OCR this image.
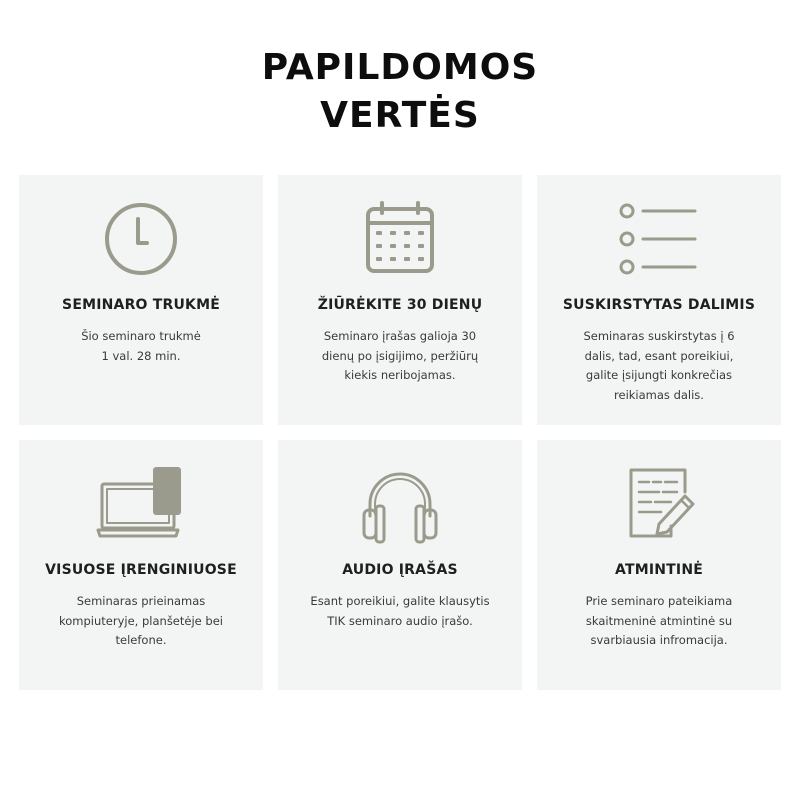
PAPILDOMOS
VERTĖS
SEMINARO TRUKMĖ

Šio seminaro trukmė 1 val. 28 min.

ŽIŪRĖKITE 30 DIENŲ

Seminaro įrašas galioja 30 dienų po įsigijimo, peržiūrų kiekis neribojamas.

SUSKIRSTYTAS DALIMIS

Seminaras suskirstytas į 6 dalis, tad, esant poreikiui, galite įsijungti konkrečias reikiamas dalis.

VISUOSE ĮRENGINIUOSE

Seminaras prieinamas kompiuteryje, planšetėje bei telefone.

AUDIO ĮRAŠAS

Esant poreikiui, galite klausytis TIK seminaro audio įrašo.

ATMINTINĖ

Prie seminaro pateikiama skaitmeninė atmintinė su svarbiausia infromacija.
